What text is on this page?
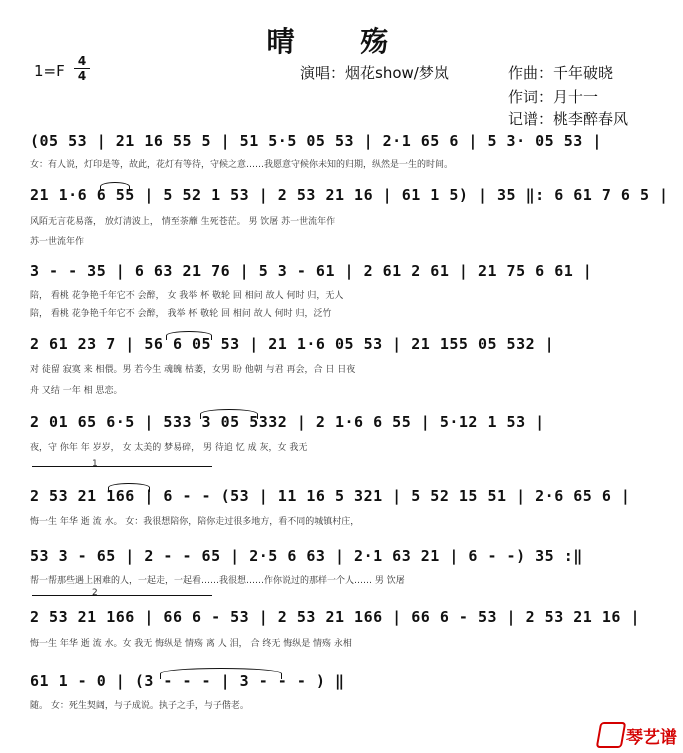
晴 殇
1=F
4
4	演唱：烟花show/梦岚	作曲：千年破晓
作词：月十一
记谱：桃李醉春风
(05 53 | 21 16 55 5 | 51 5·5 05 53 | 2·1 65 6 | 5 3· 05 53 |
女：有人说，灯印是等，故此，花灯有等待，守候之意……我愿意守候你未知的归期，纵然是一生的时间。
21 1·6 6 55 | 5 52 1 53 | 2 53 21 16 | 61 1 5) | 35 ‖: 6 61 7 6 5 |
风陌无言花易落， 放灯清波上， 情至荼蘼 生死苍茫。 男 饮屠 苏一世流年作
苏一世流年作
3 - - 35 | 6 63 21 76 | 5 3 - 61 | 2 61 2 61 | 21 75 6 61 |
陪， 看桃 花争艳千年它不 会醉， 女 我举 杯 敬轮 回 相问 故人 何时 归，无人
陪， 看桃 花争艳千年它不 会醉， 我举 杯 敬轮 回 相问 故人 何时 归，泛竹
2 61 23 7 | 56 6 05 53 | 21 1·6 05 53 | 21 155 05 532 |
对 徒留 寂寞 来 相偎。男 若今生 魂魄 枯萎，女男 盼 他朝 与君 再会，合 日 日夜
舟 又结 一年 相 思恋。
2 01 65 6·5 | 533 3 05 5332 | 2 1·6 6 55 | 5·12 1 53 |
夜，守 你年 年 岁岁， 女 太美的 梦易碎， 男 待追 忆 成 灰，女 我无
1
2 53 21 166 | 6 - - (53 | 11 16 5 321 | 5 52 15 51 | 2·6 65 6 |
悔一生 年华 逝 流 水。 女：我很想陪你，陪你走过很多地方，看不同的城镇村庄，
53 3 - 65 | 2 - - 65 | 2·5 6 63 | 2·1 63 21 | 6 - -) 35 :‖
帮一帮那些遇上困难的人，一起走，一起看……我很想……作你说过的那样一个人…… 男 饮屠
2
2 53 21 166 | 66 6 - 53 | 2 53 21 166 | 66 6 - 53 | 2 53 21 16 |
悔一生 年华 逝 流 水。女 我无 悔纵是 情殇 离 人 泪， 合 终无 悔纵是 情殇 永相
61 1 - 0 | (3 - - - | 3 - - - ) ‖
随。 女：死生契阔，与子成说。执子之手，与子偕老。
琴艺谱
